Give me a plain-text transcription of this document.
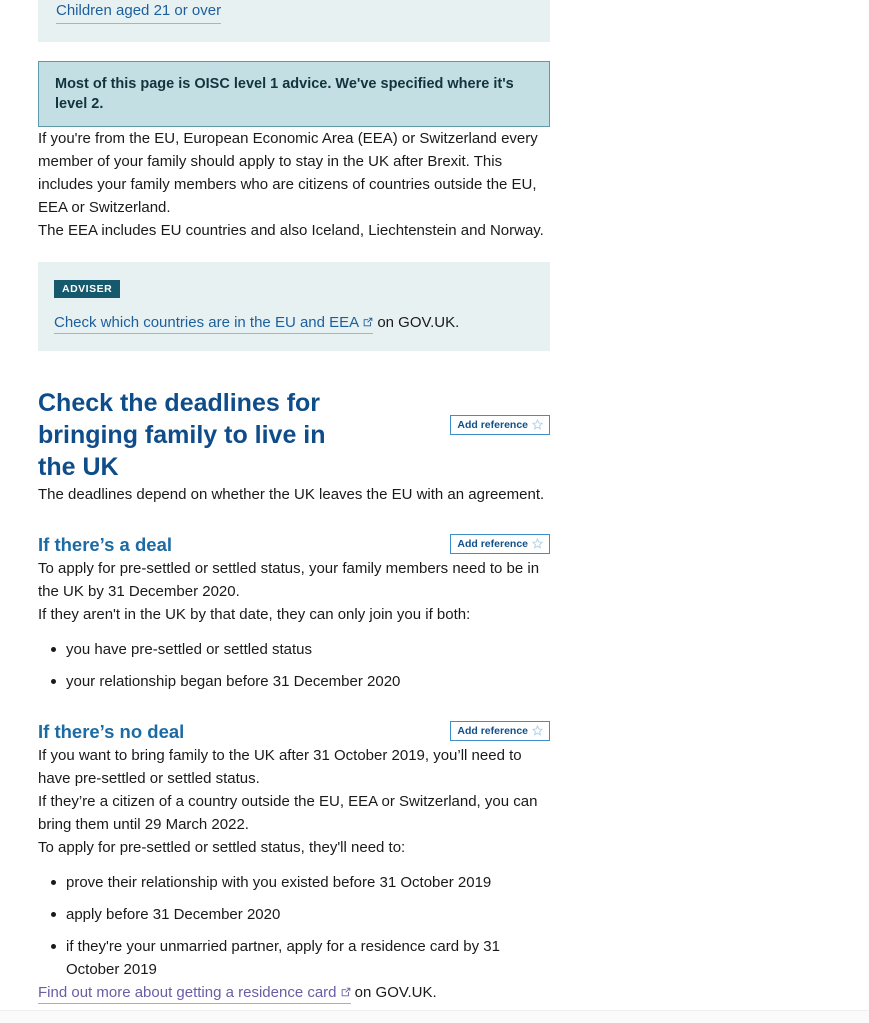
Children aged 21 or over

Most of this page is OISC level 1 advice. We've specified where it's level 2.

If you're from the EU, European Economic Area (EEA) or Switzerland every member of your family should apply to stay in the UK after Brexit. This includes your family members who are citizens of countries outside the EU, EEA or Switzerland.

The EEA includes EU countries and also Iceland, Liechtenstein and Norway.

ADVISER
Check which countries are in the EU and EEA
on GOV.UK.
Check the deadlines for bringing family to live in the UK
Add reference

The deadlines depend on whether the UK leaves the EU with an agreement.

If there’s a deal	Add reference

To apply for pre-settled or settled status, your family members need to be in the UK by 31 December 2020.

If they aren't in the UK by that date, they can only join you if both:

you have pre-settled or settled status
your relationship began before 31 December 2020
If there’s no deal	Add reference

If you want to bring family to the UK after 31 October 2019, you’ll need to have pre-settled or settled status.

If they’re a citizen of a country outside the EU, EEA or Switzerland, you can bring them until 29 March 2022.

To apply for pre-settled or settled status, they'll need to:

prove their relationship with you existed before 31 October 2019
apply before 31 December 2020
if they're your unmarried partner, apply for a residence card by 31 October 2019

Find out more about getting a residence card
on GOV.UK.
